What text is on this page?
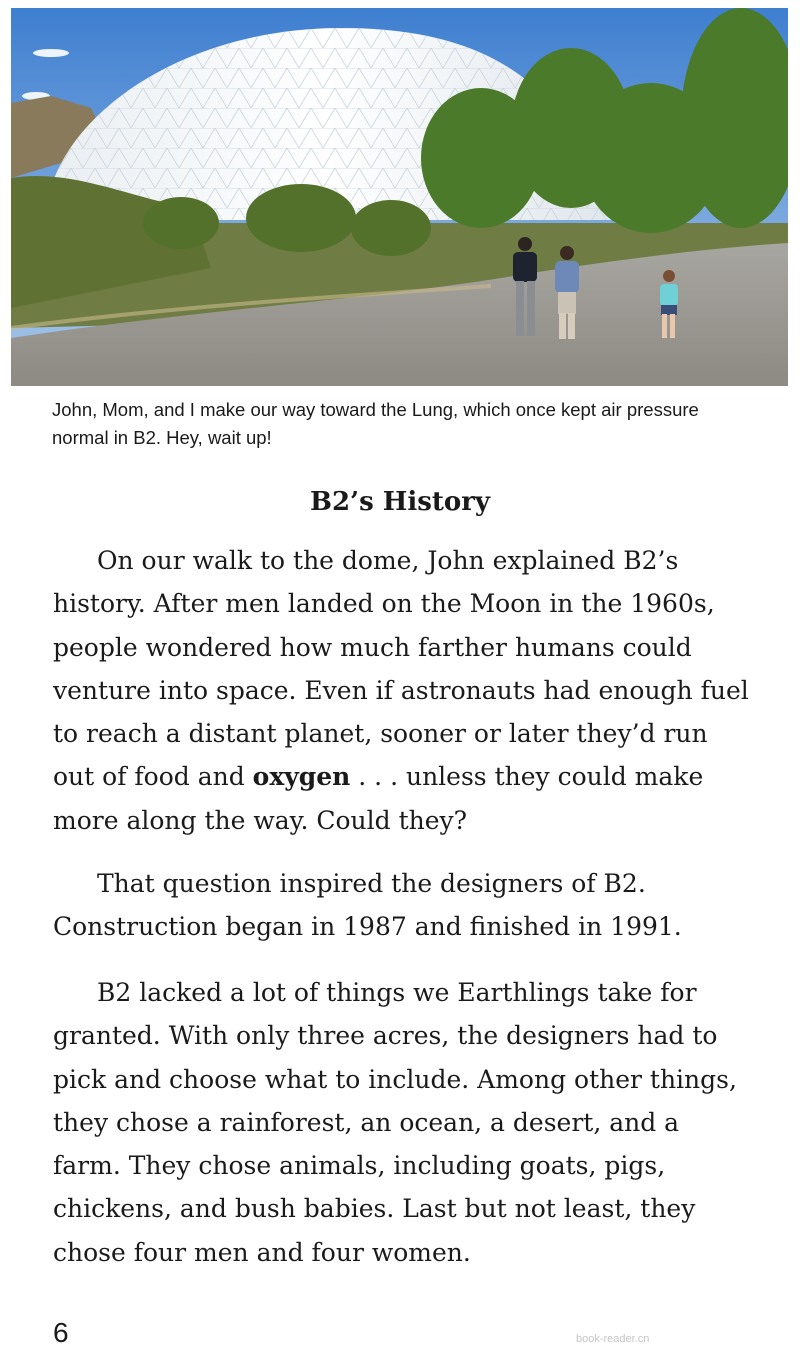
John, Mom, and I make our way toward the Lung, which once kept air pressure normal in B2. Hey, wait up!

B2’s History

On our walk to the dome, John explained B2’s history. After men landed on the Moon in the 1960s, people wondered how much farther humans could venture into space. Even if astronauts had enough fuel to reach a distant planet, sooner or later they’d run out of food and oxygen . . . unless they could make more along the way. Could they?

That question inspired the designers of B2. Construction began in 1987 and finished in 1991.

B2 lacked a lot of things we Earthlings take for granted. With only three acres, the designers had to pick and choose what to include. Among other things, they chose a rainforest, an ocean, a desert, and a farm. They chose animals, including goats, pigs, chickens, and bush babies. Last but not least, they chose four men and four women.

6	book-reader.cn
